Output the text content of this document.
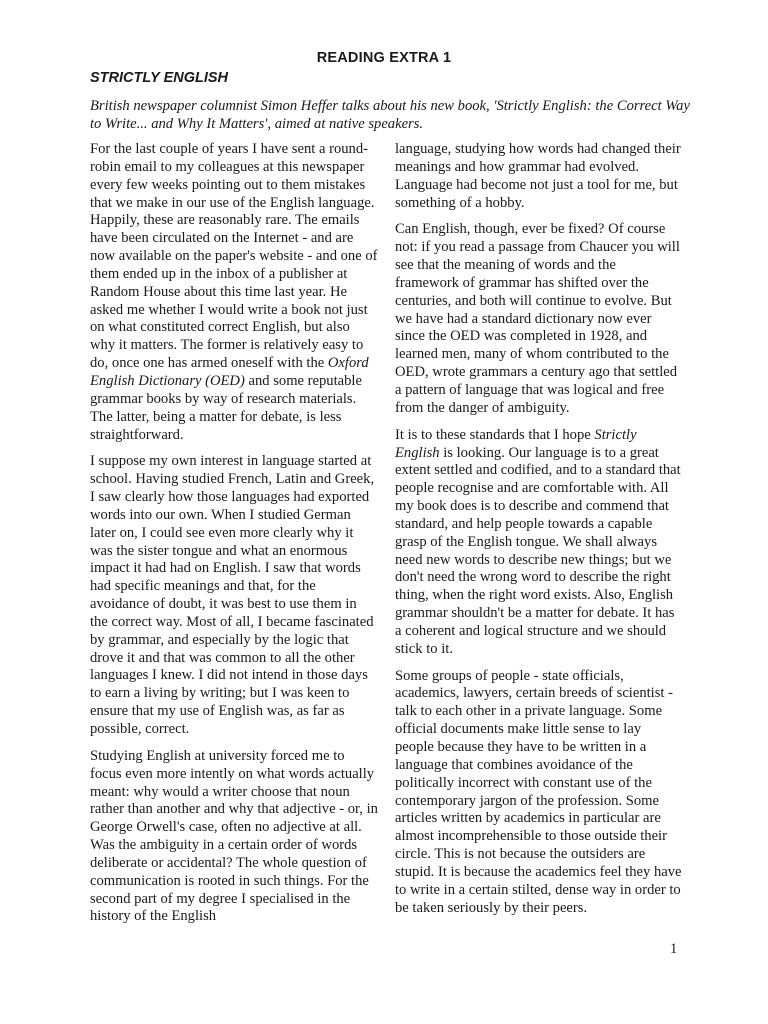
READING EXTRA 1
STRICTLY ENGLISH
British newspaper columnist Simon Heffer talks about his new book, 'Strictly English: the Correct Way to Write... and Why It Matters', aimed at native speakers.

For the last couple of years I have sent a round-robin email to my colleagues at this newspaper every few weeks pointing out to them mistakes that we make in our use of the English language. Happily, these are reasonably rare. The emails have been circulated on the Internet - and are now available on the paper's website - and one of them ended up in the inbox of a publisher at Random House about this time last year. He asked me whether I would write a book not just on what constituted correct English, but also why it matters. The former is relatively easy to do, once one has armed oneself with the Oxford English Dictionary (OED) and some reputable grammar books by way of research materials. The latter, being a matter for debate, is less straightforward.

I suppose my own interest in language started at school. Having studied French, Latin and Greek, I saw clearly how those languages had exported words into our own. When I studied German later on, I could see even more clearly why it was the sister tongue and what an enormous impact it had had on English. I saw that words had specific meanings and that, for the avoidance of doubt, it was best to use them in the correct way. Most of all, I became fascinated by grammar, and especially by the logic that drove it and that was common to all the other languages I knew. I did not intend in those days to earn a living by writing; but I was keen to ensure that my use of English was, as far as possible, correct.

Studying English at university forced me to focus even more intently on what words actually meant: why would a writer choose that noun rather than another and why that adjective - or, in George Orwell's case, often no adjective at all. Was the ambiguity in a certain order of words deliberate or accidental? The whole question of communication is rooted in such things. For the second part of my degree I specialised in the history of the English

language, studying how words had changed their meanings and how grammar had evolved. Language had become not just a tool for me, but something of a hobby.

Can English, though, ever be fixed? Of course not: if you read a passage from Chaucer you will see that the meaning of words and the framework of grammar has shifted over the centuries, and both will continue to evolve. But we have had a standard dictionary now ever since the OED was completed in 1928, and learned men, many of whom contributed to the OED, wrote grammars a century ago that settled a pattern of language that was logical and free from the danger of ambiguity.

It is to these standards that I hope Strictly English is looking. Our language is to a great extent settled and codified, and to a standard that people recognise and are comfortable with. All my book does is to describe and commend that standard, and help people towards a capable grasp of the English tongue. We shall always need new words to describe new things; but we don't need the wrong word to describe the right thing, when the right word exists. Also, English grammar shouldn't be a matter for debate. It has a coherent and logical structure and we should stick to it.

Some groups of people - state officials, academics, lawyers, certain breeds of scientist - talk to each other in a private language. Some official documents make little sense to lay people because they have to be written in a language that combines avoidance of the politically incorrect with constant use of the contemporary jargon of the profession. Some articles written by academics in particular are almost incomprehensible to those outside their circle. This is not because the outsiders are stupid. It is because the academics feel they have to write in a certain stilted, dense way in order to be taken seriously by their peers.

1
